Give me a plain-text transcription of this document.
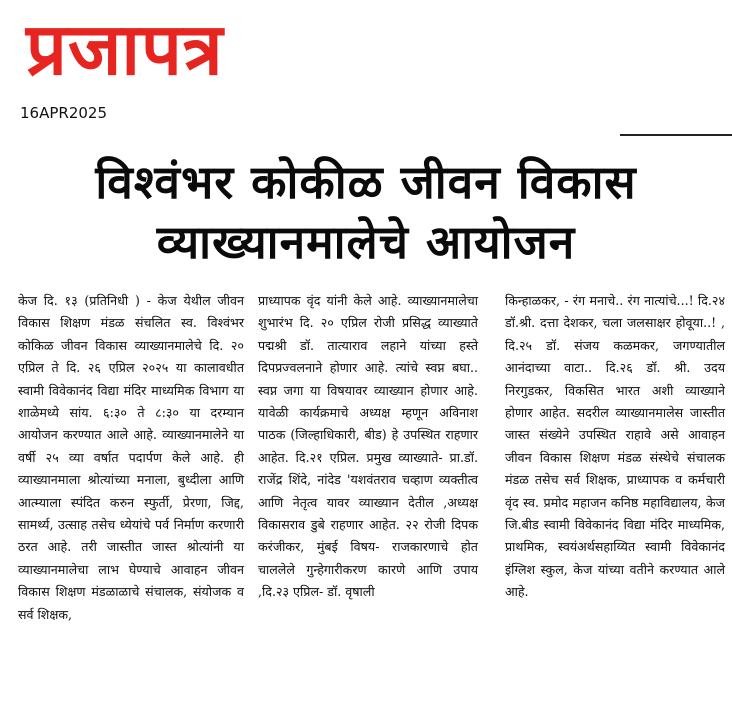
प्रजापत्र
16APR2025
विश्वंभर कोकीळ जीवन विकास
व्याख्यानमालेचे आयोजन

केज दि. १३ (प्रतिनिधी ) - केज येथील जीवन विकास शिक्षण मंडळ संचलित स्व. विश्वंभर कोकिळ जीवन विकास व्याख्यानमालेचे दि. २० एप्रिल ते दि. २६ एप्रिल २०२५ या कालावधीत स्वामी विवेकानंद विद्या मंदिर माध्यमिक विभाग या शाळेमध्ये सांय. ६:३० ते ८:३० या दरम्यान आयोजन करण्यात आले आहे. व्याख्यानमालेने या वर्षी २५ व्या वर्षात पदार्पण केले आहे. ही व्याख्यानमाला श्रोत्यांच्या मनाला, बुध्दीला आणि आत्म्याला स्पंदित करुन स्फुर्ती, प्रेरणा, जिद्द, सामर्थ्य, उत्साह तसेच ध्येयांचे पर्व निर्माण करणारी ठरत आहे. तरी जास्तीत जास्त श्रोत्यांनी या व्याख्यानमालेचा लाभ घेण्याचे आवाहन जीवन विकास शिक्षण मंडळाळाचे संचालक, संयोजक व सर्व शिक्षक,

प्राध्यापक वृंद यांनी केले आहे. व्याख्यानमालेचा शुभारंभ दि. २० एप्रिल रोजी प्रसिद्ध व्याख्याते पद्मश्री डॉ. तात्याराव लहाने यांच्या हस्ते दिपप्रज्वलनाने होणार आहे. त्यांचे स्वप्न बघा.. स्वप्न जगा या विषयावर व्याख्यान होणार आहे. यावेळी कार्यक्रमाचे अध्यक्ष म्हणून अविनाश पाठक (जिल्हाधिकारी, बीड) हे उपस्थित राहणार आहेत. दि.२१ एप्रिल. प्रमुख व्याख्याते- प्रा.डॉ. राजेंद्र शिंदे, नांदेड 'यशवंतराव चव्हाण व्यक्तीत्व आणि नेतृत्व यावर व्याख्यान देतील ,अध्यक्ष विकासराव डुबे राहणार आहेत. २२ रोजी दिपक करंजीकर, मुंबई विषय- राजकारणाचे होत चाललेले गुन्हेगारीकरण कारणे आणि उपाय ,दि.२३ एप्रिल- डॉ. वृषाली

किन्हाळकर, - रंग मनाचे.. रंग नात्यांचे...! दि.२४ डॉ.श्री. दत्ता देशकर, चला जलसाक्षर होवूया..! , दि.२५ डॉ. संजय कळमकर, जगण्यातील आनंदाच्या वाटा.. दि.२६ डॉ. श्री. उदय निरगुडकर, विकसित भारत अशी व्याख्याने होणार आहेत. सदरील व्याख्यानमालेस जास्तीत जास्त संख्येने उपस्थित राहावे असे आवाहन जीवन विकास शिक्षण मंडळ संस्थेचे संचालक मंडळ तसेच सर्व शिक्षक, प्राध्यापक व कर्मचारी वृंद स्व. प्रमोद महाजन कनिष्ठ महाविद्यालय, केज जि.बीड स्वामी विवेकानंद विद्या मंदिर माध्यमिक, प्राथमिक, स्वयंअर्थसहाय्यित स्वामी विवेकानंद इंग्लिश स्कुल, केज यांच्या वतीने करण्यात आले आहे.
